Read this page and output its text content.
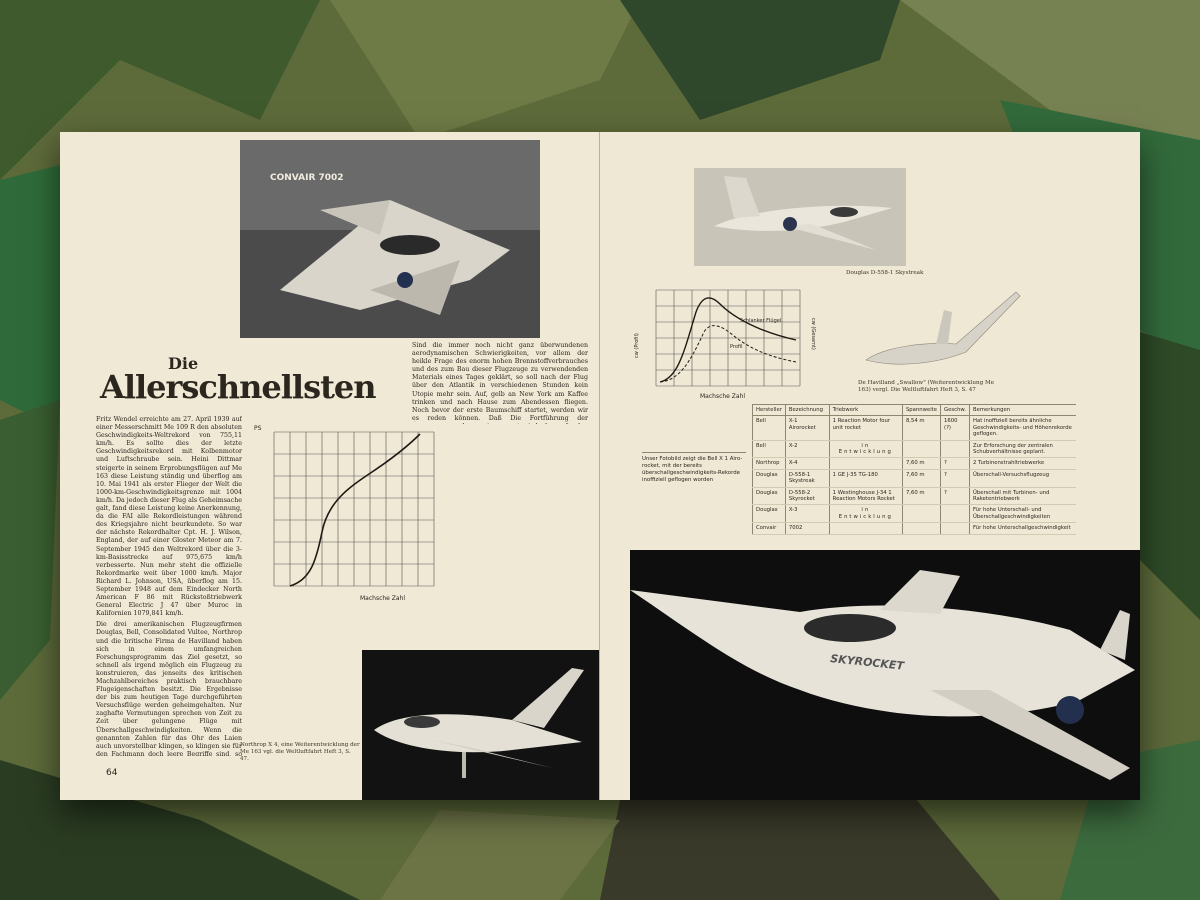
CONVAIR 7002
Die
Allerschnellsten

Fritz Wendel erreichte am 27. April 1939 auf einer Messerschmitt Me 109 R den absoluten Geschwindigkeits-Weltrekord von 755,11 km/h. Es sollte dies der letzte Geschwindigkeitsrekord mit Kolbenmotor und Luftschraube sein. Heini Dittmar steigerte in seinem Erprobungsflügen auf Me 163 diese Leistung ständig und überflog am 10. Mai 1941 als erster Flieger der Welt die 1000-km-Geschwindigkeitsgrenze mit 1004 km/h. Da jedoch dieser Flug als Geheimsache galt, fand diese Leistung keine Anerkennung, da die FAI alle Rekordleistungen während des Kriegsjahre nicht beurkundete. So war der nächste Rekordhalter Cpt. H. J. Wilson, England, der auf einer Gloster Meteor am 7. September 1945 den Weltrekord über die 3-km-Basisstrecke auf 975,675 km/h verbesserte. Nun mehr steht die offizielle Rekordmarke weit über 1000 km/h. Major Richard L. Johnson, USA, überflog am 15. September 1948 auf dem Eindecker North American F 86 mit Rückstoßtriebwerk General Electric J 47 über Muroc in Kalifornien 1079,841 km/h.

Die drei amerikanischen Flugzeugfirmen Douglas, Bell, Consolidated Vultee, Northrop und die britische Firma de Havilland haben sich in einem umfangreichen Forschungsprogramm das Ziel gesetzt, so schnell als irgend möglich ein Flugzeug zu konstruieren, das jenseits des kritischen Machzahlbereiches praktisch brauchbare Flugeigenschaften besitzt. Die Ergebnisse der bis zum heutigen Tage durchgeführten Versuchsflüge werden geheimgehalten. Nur zaghafte Vermutungen sprechen von Zeit zu Zeit über gelungene Flüge mit Überschallgeschwindigkeiten. Wenn die genannten Zahlen für das Ohr des Laien auch unvorstellbar klingen, so klingen sie für den Fachmann doch leere Begriffe sind, so

Sind die immer noch nicht ganz überwundenen aerodynamischen Schwierigkeiten, vor allem der heikle Frage des enorm hohen Brennstoffverbrauches und des zum Bau dieser Flugzeuge zu verwendenden Materials eines Tages geklärt, so soll nach der Flug über den Atlantik in verschiedenen Stunden kein Utopie mehr sein. Auf, gelb an New York am Kaffee trinken und nach Hause zum Abendessen fliegen. Noch bevor der erste Baumschiff startet, werden wir es reden können. Daß Die Fortführung der
PS
Machsche Zahl
Northrop X 4, eine Weiterentwicklung der Me 163 vgl. die Weltluftfahrt Heft 3, S. 47.
64
Douglas D-558-1 Skystreak
Schlanker Flügel
Profil
Machsche Zahl
cw (Profil)	cw (Gesamt)
De Havilland „Swallow" (Weiterentwicklung Me 163) vergl. Die Weltluftfahrt Heft 3, S. 47
Unser Fotobild zeigt die Bell X 1 Airo-rocket, mit der bereits überschallgeschwindigkeits-Rekorde inoffiziell geflogen worden
Hersteller	Bezeichnung	Triebwerk	Spannweite	Geschw.	Bemerkungen
Bell	X-1 Airorocket	1 Reaction Motor four unit rocket	8,54 m	1600 (?)	Hat inoffiziell bereits ähnliche Geschwindigkeits- und Höhenrekorde geflogen.
Bell	X-2	in Entwicklung			Zur Erforschung der zentralen Schubverhältnisse geplant.
Northrop	X-4		7,60 m	?	2 Turbinenstrahltriebwerke
Douglas	D-558-1 Skystreak	1 GE J-35 TG-180	7,60 m	?	Überschall-Versuchsflugzeug
Douglas	D-558-2 Skyrocket	1 Westinghouse J-34 1 Reaction Motors Rocket	7,60 m	?	Überschall mit Turbinen- und Raketentriebwerk
Douglas	X-3	in Entwicklung			Für hohe Unterschall- und Überschallgeschwindigkeiten
Convair	7002				Für hohe Unterschallgeschwindigkeit
SKYROCKET
